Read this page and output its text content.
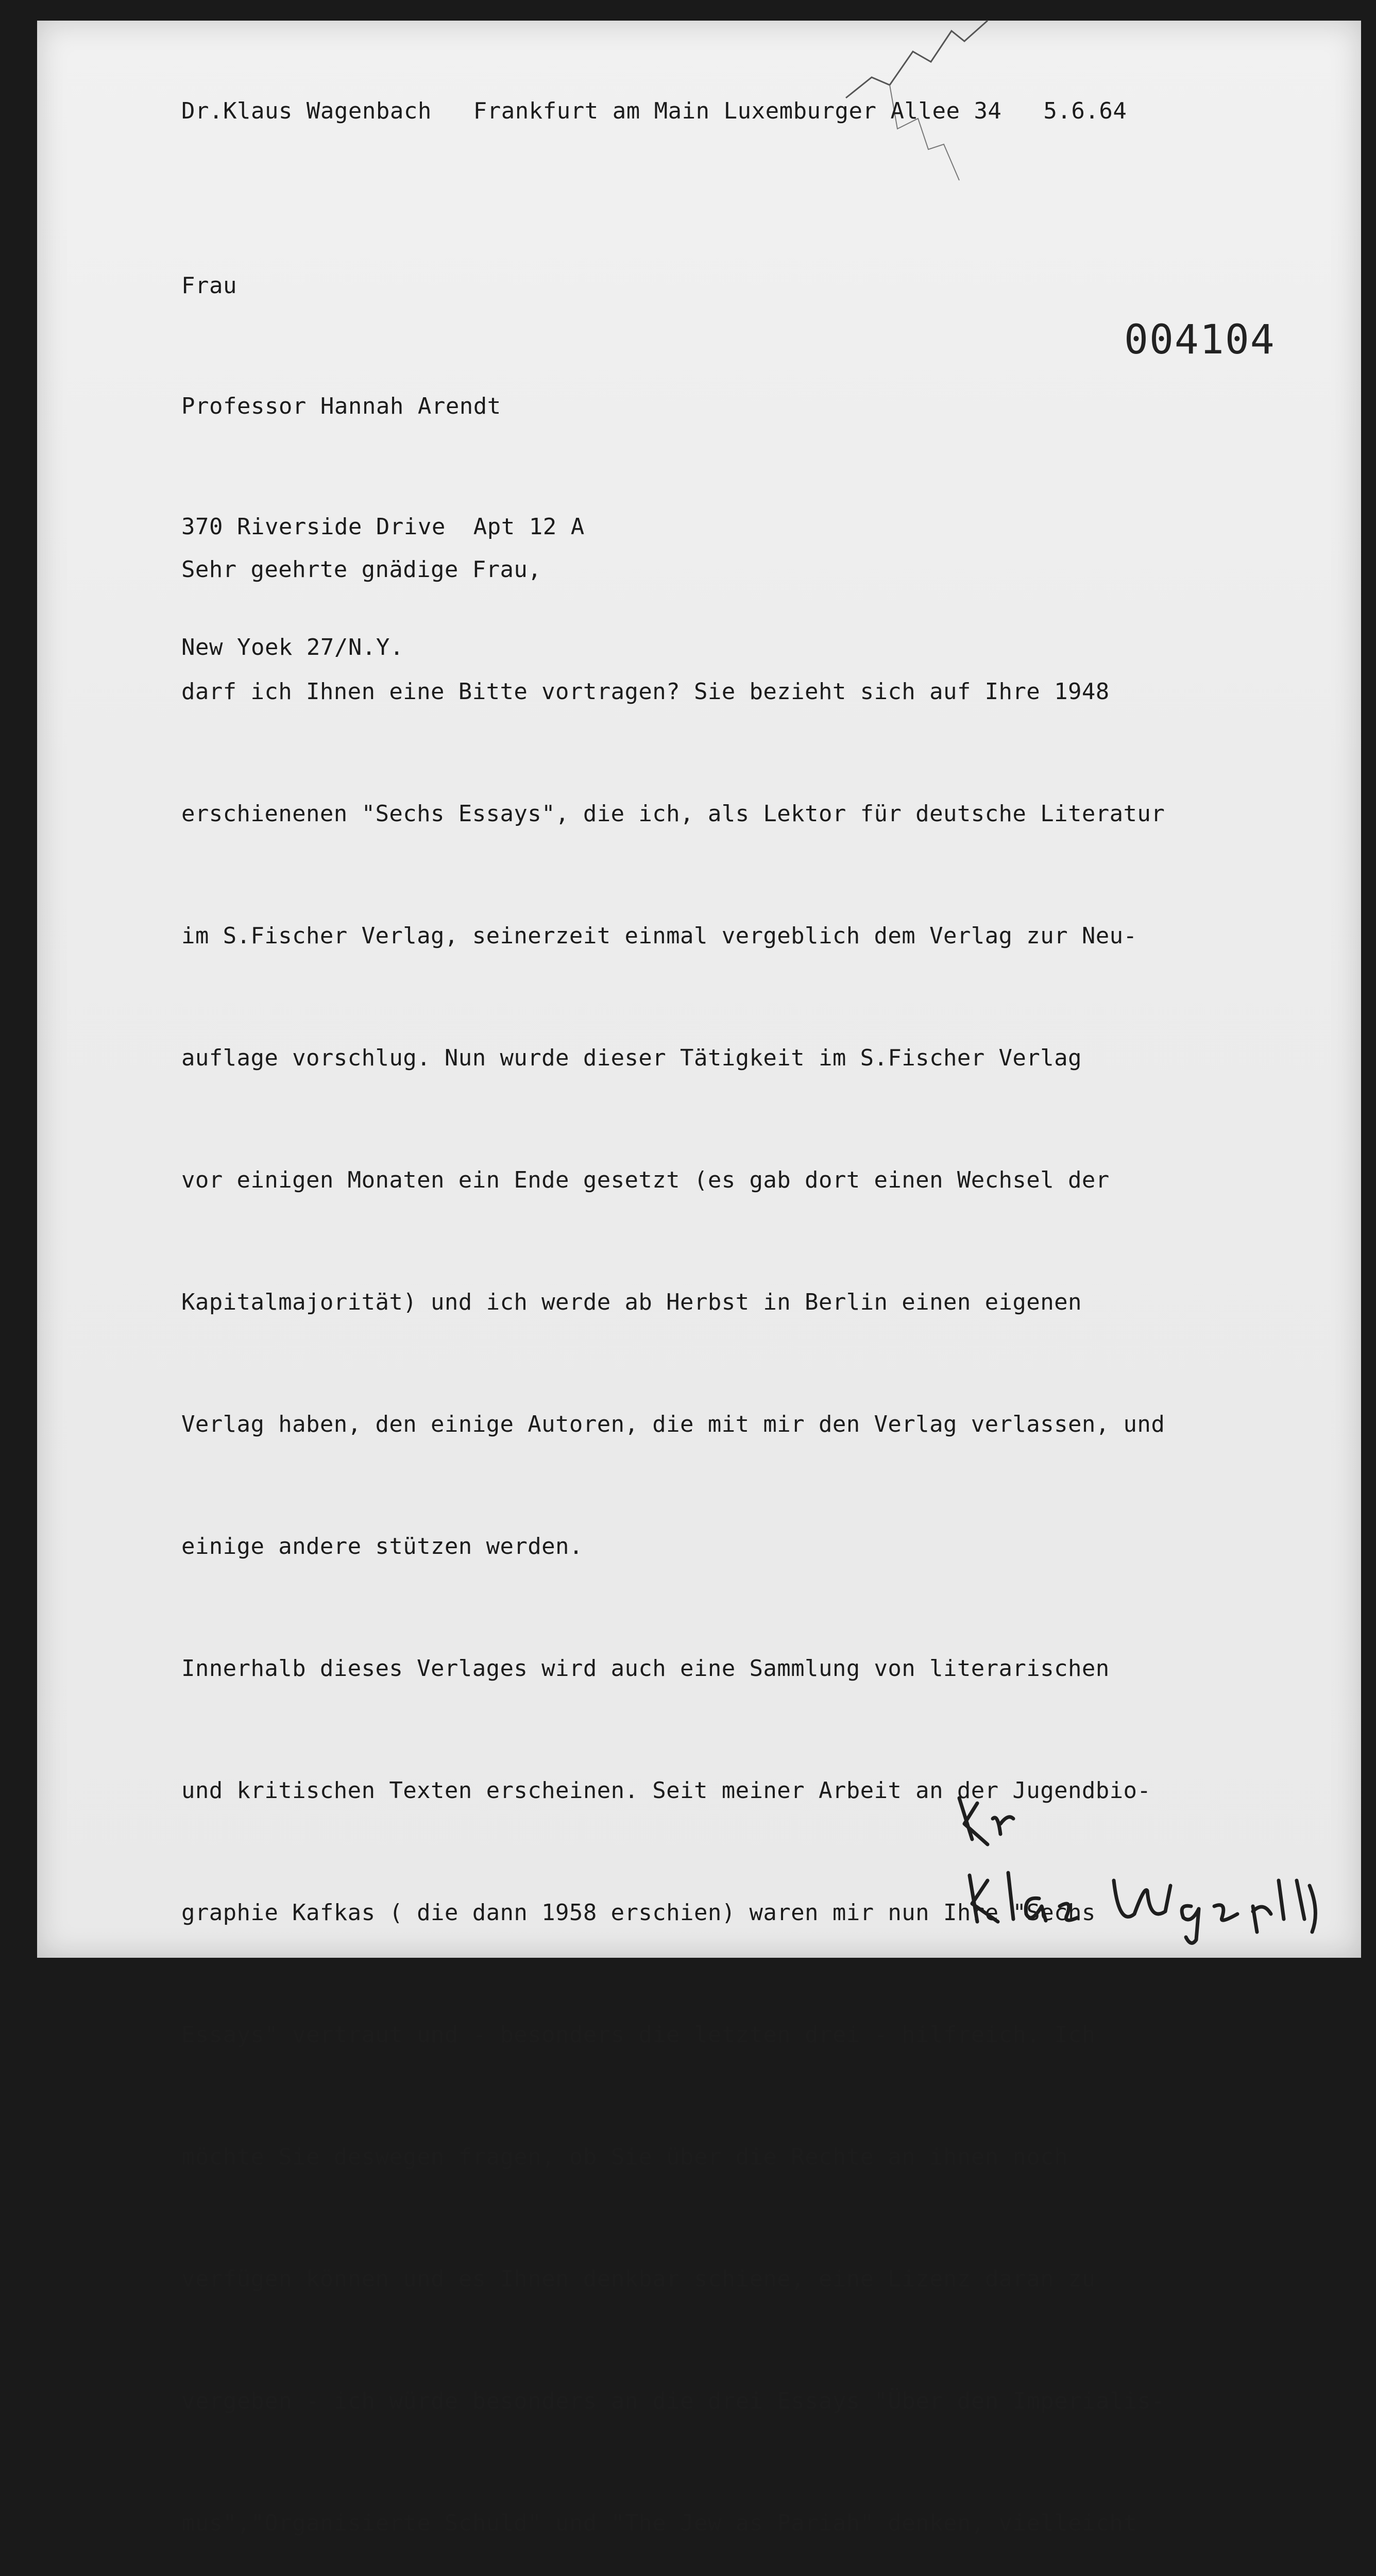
Dr.Klaus Wagenbach   Frankfurt am Main Luxemburger Allee 34   5.6.64

Frau

Professor Hannah Arendt

370 Riverside Drive  Apt 12 A

New Yoek 27/N.Y.

004104

Sehr geehrte gnädige Frau,

darf ich Ihnen eine Bitte vortragen? Sie bezieht sich auf Ihre 1948

erschienenen "Sechs Essays", die ich, als Lektor für deutsche Literatur

im S.Fischer Verlag, seinerzeit einmal vergeblich dem Verlag zur Neu-

auflage vorschlug. Nun wurde dieser Tätigkeit im S.Fischer Verlag

vor einigen Monaten ein Ende gesetzt (es gab dort einen Wechsel der

Kapitalmajorität) und ich werde ab Herbst in Berlin einen eigenen

Verlag haben, den einige Autoren, die mit mir den Verlag verlassen, und

einige andere stützen werden.

Innerhalb dieses Verlages wird auch eine Sammlung von literarischen

und kritischen Texten erscheinen. Seit meiner Arbeit an der Jugendbio-

graphie Kafkas ( die dann 1958 erschien) waren mir nun Ihre "Sechs

Essays" vertraut und - besonders die letzten drei - hilfreich. Ich

möchte Sie deswegen fragen, ob Sie über die Rechte an ihnen noch

verfügen können und es Ihnen denkbar schiene, eine Lizenz daran zu

vergeben - ich würde besonders an die drei Essays "Über den Imperialis-

mus","Organisierte Schuld" und "The Jew as Pariah" denken, vielleicht
